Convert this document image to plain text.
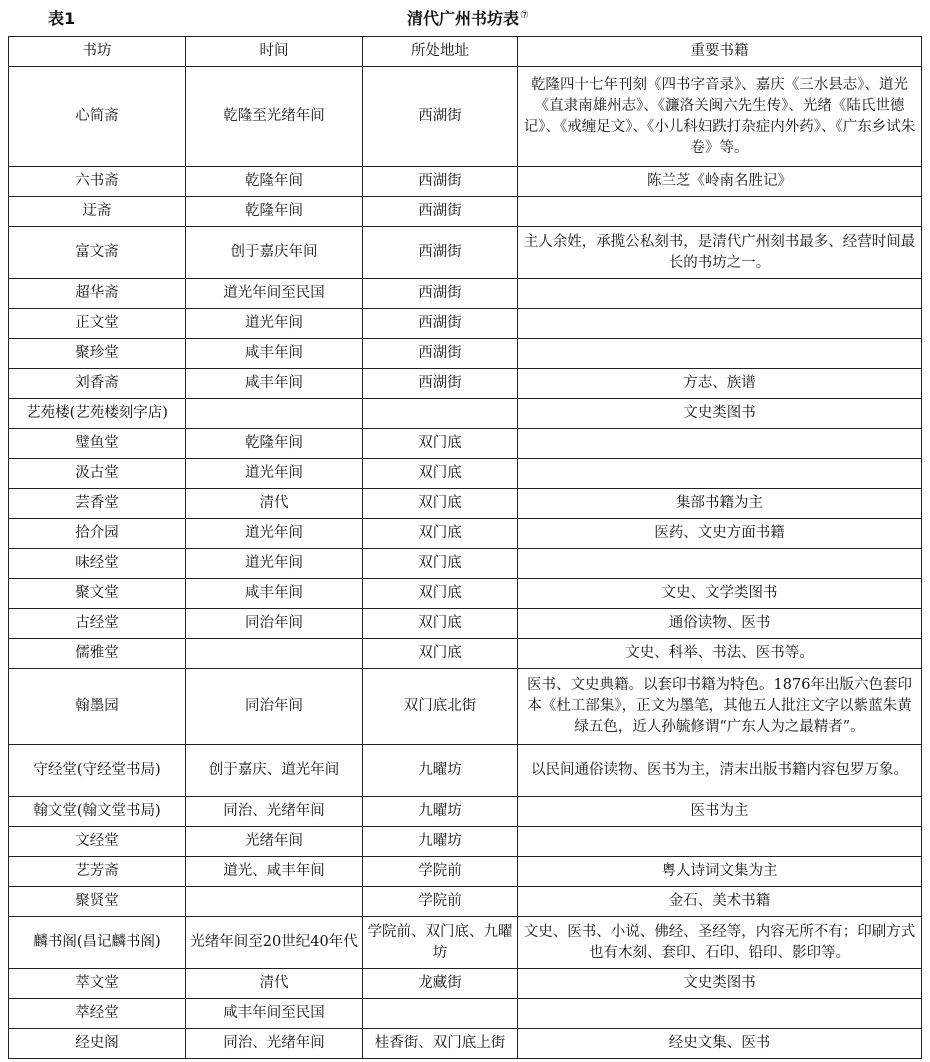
表1	清代广州书坊表⑦
书坊	时间	所处地址	重要书籍
心简斋	乾隆至光绪年间	西湖街	乾隆四十七年刊刻《四书字音录》、嘉庆《三水县志》、道光《直隶南雄州志》、《濂洛关闽六先生传》、光绪《陆氏世德记》、《戒缠足文》、《小儿科妇跌打杂症内外药》、《广东乡试朱卷》等。
六书斋	乾隆年间	西湖街	陈兰芝《岭南名胜记》
迂斋	乾隆年间	西湖街	
富文斋	创于嘉庆年间	西湖街	主人余姓，承揽公私刻书，是清代广州刻书最多、经营时间最长的书坊之一。
超华斋	道光年间至民国	西湖街	
正文堂	道光年间	西湖街	
聚珍堂	咸丰年间	西湖街	
刘香斋	咸丰年间	西湖街	方志、族谱
艺苑楼(艺苑楼刻字店)			文史类图书
璧鱼堂	乾隆年间	双门底	
汲古堂	道光年间	双门底	
芸香堂	清代	双门底	集部书籍为主
拾介园	道光年间	双门底	医药、文史方面书籍
味经堂	道光年间	双门底	
聚文堂	咸丰年间	双门底	文史、文学类图书
古经堂	同治年间	双门底	通俗读物、医书
儒雅堂		双门底	文史、科举、书法、医书等。
翰墨园	同治年间	双门底北街	医书、文史典籍。以套印书籍为特色。1876年出版六色套印本《杜工部集》，正文为墨笔，其他五人批注文字以紫蓝朱黄绿五色，近人孙毓修谓“广东人为之最精者”。
守经堂(守经堂书局)	创于嘉庆、道光年间	九曜坊	以民间通俗读物、医书为主，清末出版书籍内容包罗万象。
翰文堂(翰文堂书局)	同治、光绪年间	九曜坊	医书为主
文经堂	光绪年间	九曜坊	
艺芳斋	道光、咸丰年间	学院前	粤人诗词文集为主
聚贤堂		学院前	金石、美术书籍
麟书阁(昌记麟书阁)	光绪年间至20世纪40年代	学院前、双门底、九曜坊	文史、医书、小说、佛经、圣经等，内容无所不有；印刷方式也有木刻、套印、石印、铅印、影印等。
萃文堂	清代	龙藏街	文史类图书
萃经堂	咸丰年间至民国		
经史阁	同治、光绪年间	桂香街、双门底上街	经史文集、医书
